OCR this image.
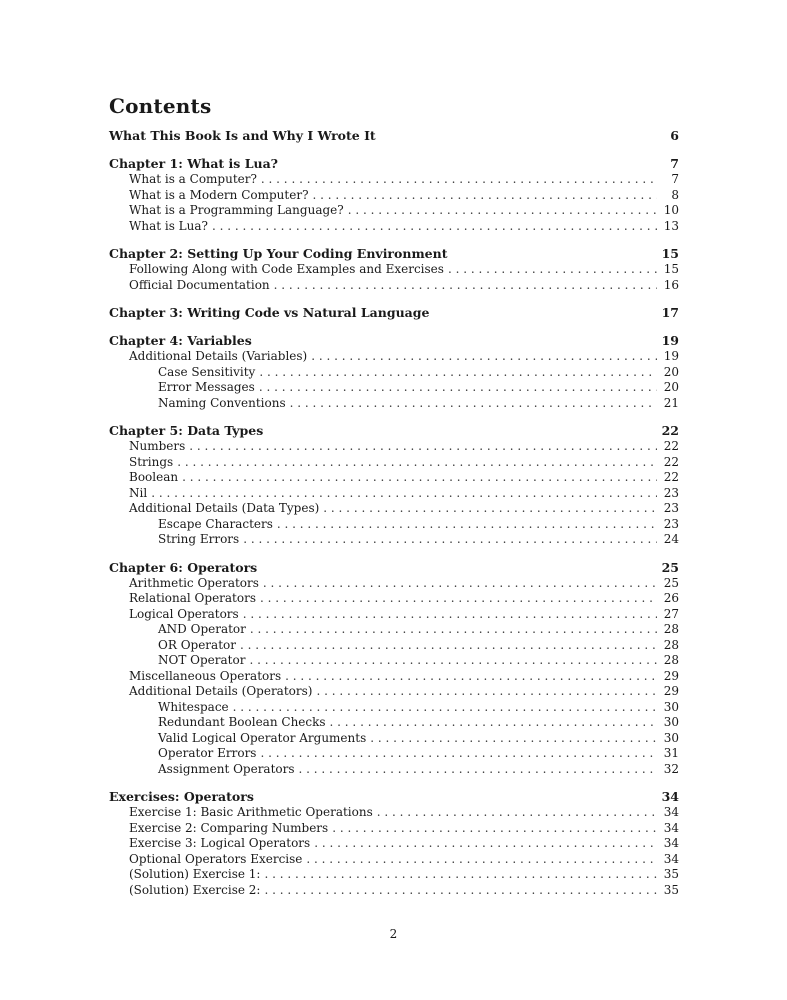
Contents
What This Book Is and Why I Wrote It	6
Chapter 1: What is Lua?	7
What is a Computer? . . .	7
What is a Modern Computer? . . .	8
What is a Programming Language? . . .	10
What is Lua? . . .	13
Chapter 2: Setting Up Your Coding Environment	15
Following Along with Code Examples and Exercises . . .	15
Official Documentation . . .	16
Chapter 3: Writing Code vs Natural Language	17
Chapter 4: Variables	19
Additional Details (Variables) . . .	19
Case Sensitivity . . .	20
Error Messages . . .	20
Naming Conventions . . .	21
Chapter 5: Data Types	22
Numbers . . .	22
Strings . . .	22
Boolean . . .	22
Nil . . .	23
Additional Details (Data Types) . . .	23
Escape Characters . . .	23
String Errors . . .	24
Chapter 6: Operators	25
Arithmetic Operators . . .	25
Relational Operators . . .	26
Logical Operators . . .	27
AND Operator . . .	28
OR Operator . . .	28
NOT Operator . . .	28
Miscellaneous Operators . . .	29
Additional Details (Operators) . . .	29
Whitespace . . .	30
Redundant Boolean Checks . . .	30
Valid Logical Operator Arguments . . .	30
Operator Errors . . .	31
Assignment Operators . . .	32
Exercises: Operators	34
Exercise 1: Basic Arithmetic Operations . . .	34
Exercise 2: Comparing Numbers . . .	34
Exercise 3: Logical Operators . . .	34
Optional Operators Exercise . . .	34
(Solution) Exercise 1: . . .	35
(Solution) Exercise 2: . . .	35
2
